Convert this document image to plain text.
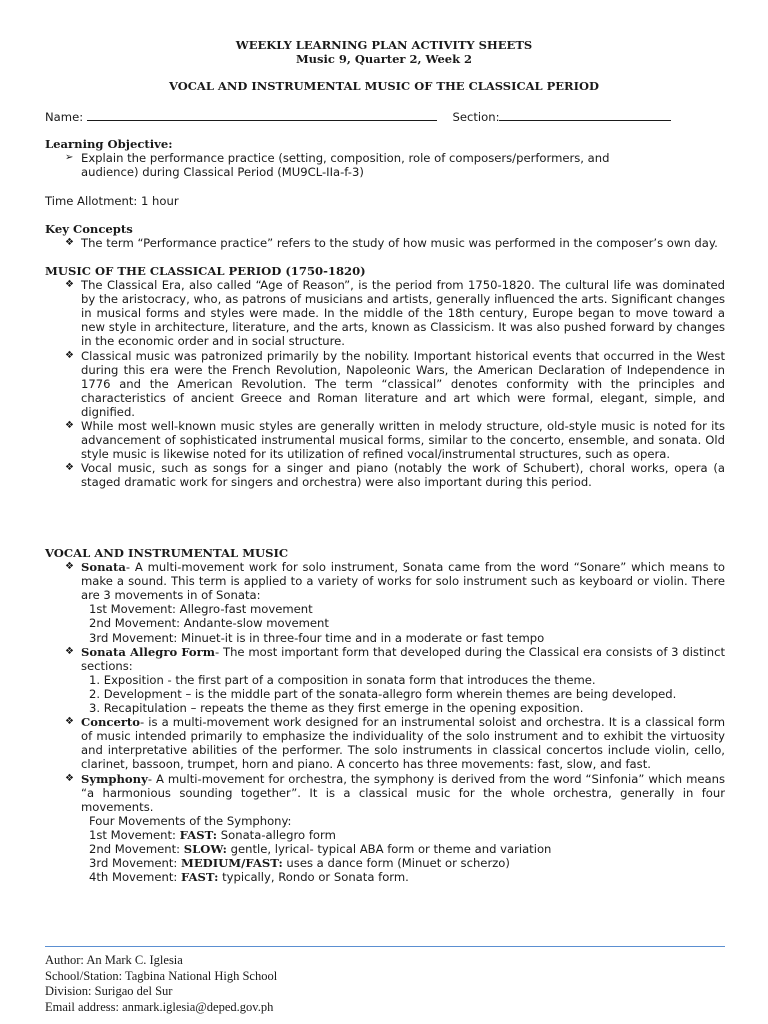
WEEKLY LEARNING PLAN ACTIVITY SHEETS
Music 9, Quarter 2, Week 2
VOCAL AND INSTRUMENTAL MUSIC OF THE CLASSICAL PERIOD
Name:	Section:
Learning Objective:
➢ Explain the performance practice (setting, composition, role of composers/performers, and
audience) during Classical Period (MU9CL-IIa-f-3)
Time Allotment: 1 hour
Key Concepts
❖ The term “Performance practice” refers to the study of how music was performed in the composer’s own day.
MUSIC OF THE CLASSICAL PERIOD (1750-1820)
❖ The Classical Era, also called “Age of Reason”, is the period from 1750-1820. The cultural life was dominated by the aristocracy, who, as patrons of musicians and artists, generally influenced the arts. Significant changes in musical forms and styles were made. In the middle of the 18th century, Europe began to move toward a new style in architecture, literature, and the arts, known as Classicism. It was also pushed forward by changes in the economic order and in social structure.
❖ Classical music was patronized primarily by the nobility. Important historical events that occurred in the West during this era were the French Revolution, Napoleonic Wars, the American Declaration of Independence in 1776 and the American Revolution. The term “classical” denotes conformity with the principles and characteristics of ancient Greece and Roman literature and art which were formal, elegant, simple, and dignified.
❖ While most well-known music styles are generally written in melody structure, old-style music is noted for its advancement of sophisticated instrumental musical forms, similar to the concerto, ensemble, and sonata. Old style music is likewise noted for its utilization of refined vocal/instrumental structures, such as opera.
❖ Vocal music, such as songs for a singer and piano (notably the work of Schubert), choral works, opera (a staged dramatic work for singers and orchestra) were also important during this period.
VOCAL AND INSTRUMENTAL MUSIC
❖ Sonata- A multi-movement work for solo instrument, Sonata came from the word “Sonare” which means to make a sound. This term is applied to a variety of works for solo instrument such as keyboard or violin. There are 3 movements in of Sonata:
1st Movement: Allegro-fast movement
2nd Movement: Andante-slow movement
3rd Movement: Minuet-it is in three-four time and in a moderate or fast tempo
❖ Sonata Allegro Form- The most important form that developed during the Classical era consists of 3 distinct sections:
1. Exposition - the first part of a composition in sonata form that introduces the theme.
2. Development – is the middle part of the sonata-allegro form wherein themes are being developed.
3. Recapitulation – repeats the theme as they first emerge in the opening exposition.
❖ Concerto- is a multi-movement work designed for an instrumental soloist and orchestra. It is a classical form of music intended primarily to emphasize the individuality of the solo instrument and to exhibit the virtuosity and interpretative abilities of the performer. The solo instruments in classical concertos include violin, cello, clarinet, bassoon, trumpet, horn and piano. A concerto has three movements: fast, slow, and fast.
❖ Symphony- A multi-movement for orchestra, the symphony is derived from the word “Sinfonia” which means “a harmonious sounding together”. It is a classical music for the whole orchestra, generally in four movements.
Four Movements of the Symphony:
1st Movement: FAST: Sonata-allegro form
2nd Movement: SLOW: gentle, lyrical- typical ABA form or theme and variation
3rd Movement: MEDIUM/FAST: uses a dance form (Minuet or scherzo)
4th Movement: FAST: typically, Rondo or Sonata form.
Author: An Mark C. Iglesia
School/Station: Tagbina National High School
Division: Surigao del Sur
Email address: anmark.iglesia@deped.gov.ph
